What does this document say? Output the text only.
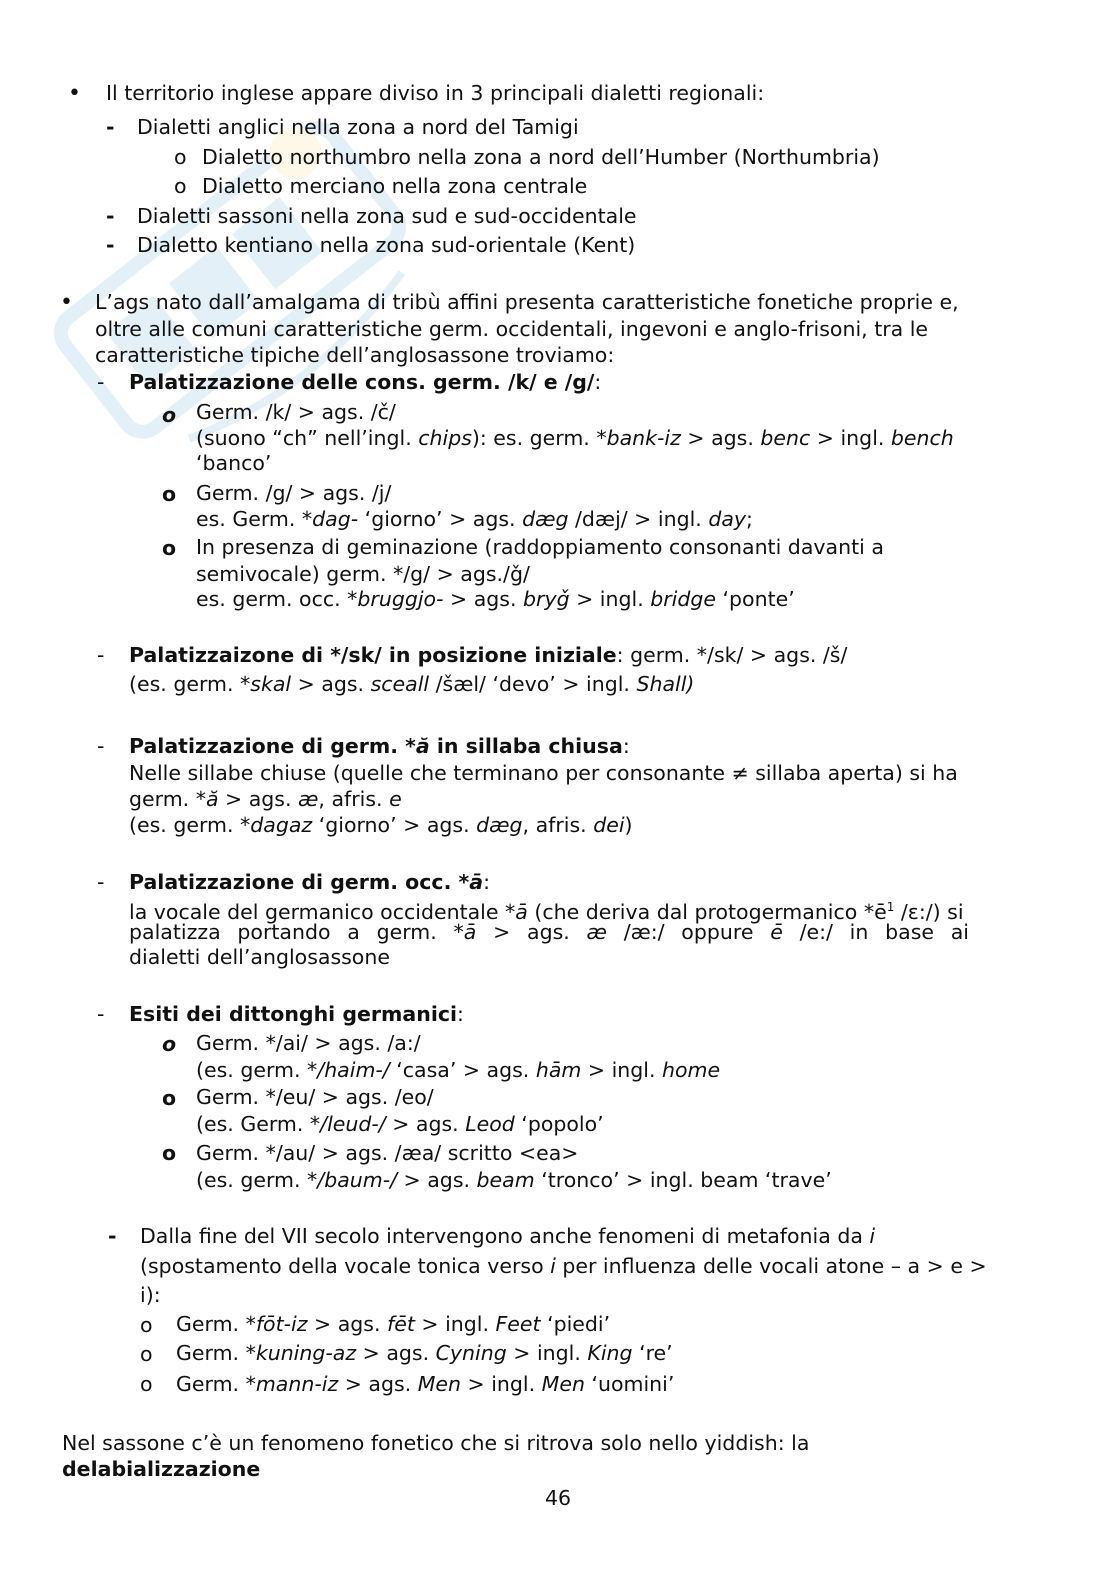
• Il territorio inglese appare diviso in 3 principali dialetti regionali:
- Dialetti anglici nella zona a nord del Tamigi
o Dialetto northumbro nella zona a nord dell’Humber (Northumbria)
o Dialetto merciano nella zona centrale
- Dialetti sassoni nella zona sud e sud-occidentale
- Dialetto kentiano nella zona sud-orientale (Kent)
• L’ags nato dall’amalgama di tribù affini presenta caratteristiche fonetiche proprie e,
oltre alle comuni caratteristiche germ. occidentali, ingevoni e anglo-frisoni, tra le
caratteristiche tipiche dell’anglosassone troviamo:
- Palatizzazione delle cons. germ. /k/ e /g/:
o Germ. /k/ > ags. /č/
(suono “ch” nell’ingl. chips): es. germ. *bank-iz > ags. benc > ingl. bench
‘banco’
o Germ. /g/ > ags. /j/
es. Germ. *dag- ‘giorno’ > ags. dæg /dæj/ > ingl. day;
o In presenza di geminazione (raddoppiamento consonanti davanti a
semivocale) germ. */g/ > ags./ǧ/
es. germ. occ. *bruggjo- > ags. bryǧ > ingl. bridge ‘ponte’
- Palatizzaizone di */sk/ in posizione iniziale: germ. */sk/ > ags. /š/
(es. germ. *skal > ags. sceall /šæl/ ‘devo’ > ingl. Shall)
- Palatizzazione di germ. *ă in sillaba chiusa:
Nelle sillabe chiuse (quelle che terminano per consonante ≠ sillaba aperta) si ha
germ. *ă > ags. æ, afris. e
(es. germ. *dagaz ‘giorno’ > ags. dæg, afris. dei)
- Palatizzazione di germ. occ. *ā:
la vocale del germanico occidentale *ā (che deriva dal protogermanico $*ē^1$ /ɛ:/) si
palatizza portando a germ. *ā > ags. æ /æ:/ oppure ē /e:/ in base ai
dialetti dell’anglosassone
- Esiti dei dittonghi germanici:
o Germ. */ai/ > ags. /a:/
(es. germ. */haim-/ ‘casa’ > ags. hām > ingl. home
o Germ. */eu/ > ags. /eo/
(es. Germ. */leud-/ > ags. Leod ‘popolo’
o Germ. */au/ > ags. /æa/ scritto <ea>
(es. germ. */baum-/ > ags. beam ‘tronco’ > ingl. beam ‘trave’
- Dalla fine del VII secolo intervengono anche fenomeni di metafonia da i
(spostamento della vocale tonica verso i per influenza delle vocali atone – a > e >
i):
o Germ. *fōt-iz > ags. fēt > ingl. Feet ‘piedi’
o Germ. *kuning-az > ags. Cyning > ingl. King ‘re’
o Germ. *mann-iz > ags. Men > ingl. Men ‘uomini’
Nel sassone c’è un fenomeno fonetico che si ritrova solo nello yiddish: la
delabializzazione
46
